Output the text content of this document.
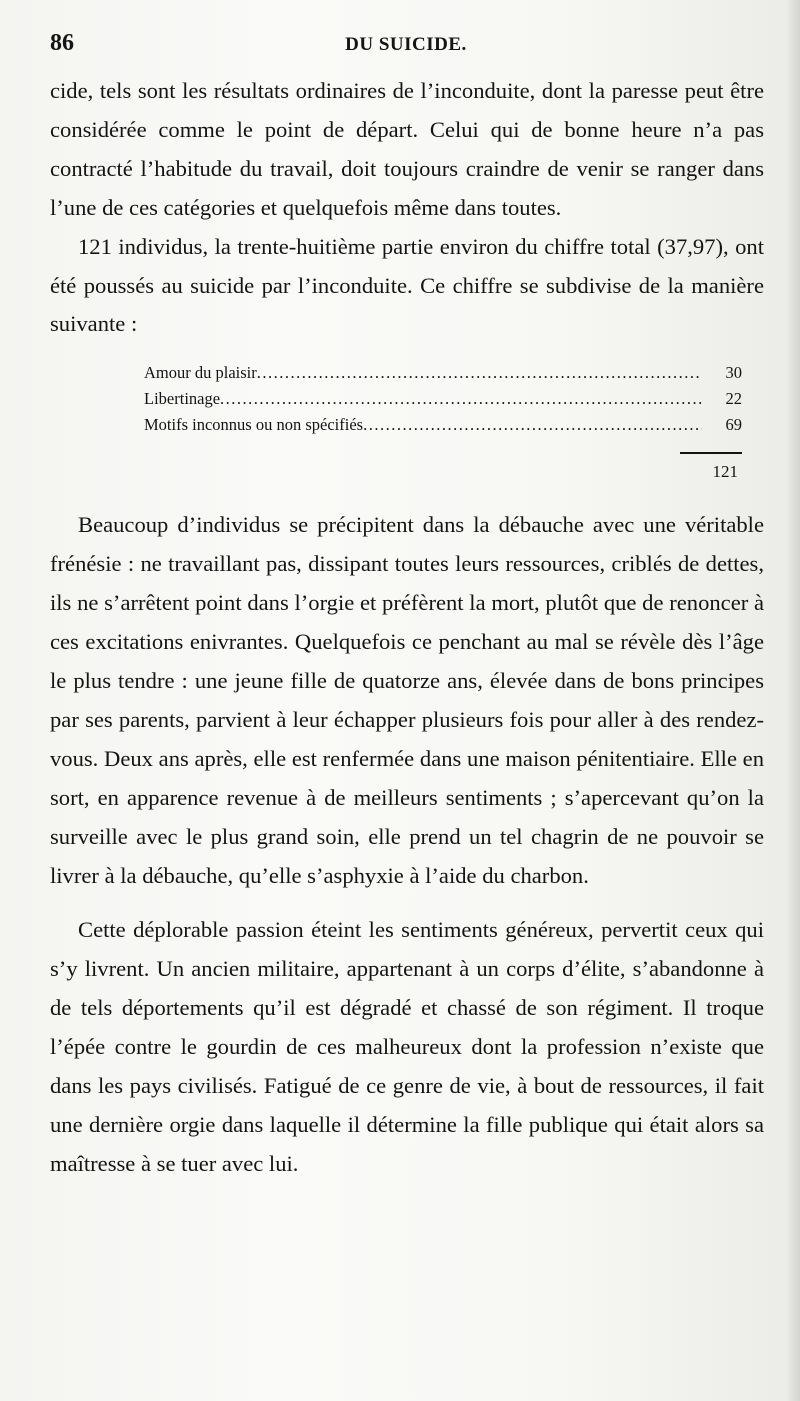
86	DU SUICIDE.

cide, tels sont les résultats ordinaires de l’inconduite, dont la paresse peut être considérée comme le point de départ. Celui qui de bonne heure n’a pas contracté l’habitude du travail, doit toujours craindre de venir se ranger dans l’une de ces catégories et quelquefois même dans toutes.

121 individus, la trente-huitième partie environ du chiffre total (37,97), ont été poussés au suicide par l’inconduite. Ce chiffre se subdivise de la manière suivante :

Amour du plaisir .....	30
Libertinage .....	22
Motifs inconnus ou non spécifiés .....	69
121

Beaucoup d’individus se précipitent dans la débauche avec une véritable frénésie : ne travaillant pas, dissipant toutes leurs ressources, criblés de dettes, ils ne s’arrêtent point dans l’orgie et préfèrent la mort, plutôt que de renoncer à ces excitations enivrantes. Quelquefois ce penchant au mal se révèle dès l’âge le plus tendre : une jeune fille de quatorze ans, élevée dans de bons principes par ses parents, parvient à leur échapper plusieurs fois pour aller à des rendez-vous. Deux ans après, elle est renfermée dans une maison pénitentiaire. Elle en sort, en apparence revenue à de meilleurs sentiments ; s’apercevant qu’on la surveille avec le plus grand soin, elle prend un tel chagrin de ne pouvoir se livrer à la débauche, qu’elle s’asphyxie à l’aide du charbon.

Cette déplorable passion éteint les sentiments généreux, pervertit ceux qui s’y livrent. Un ancien militaire, appartenant à un corps d’élite, s’abandonne à de tels déportements qu’il est dégradé et chassé de son régiment. Il troque l’épée contre le gourdin de ces malheureux dont la profession n’existe que dans les pays civilisés. Fatigué de ce genre de vie, à bout de ressources, il fait une dernière orgie dans laquelle il détermine la fille publique qui était alors sa maîtresse à se tuer avec lui.
